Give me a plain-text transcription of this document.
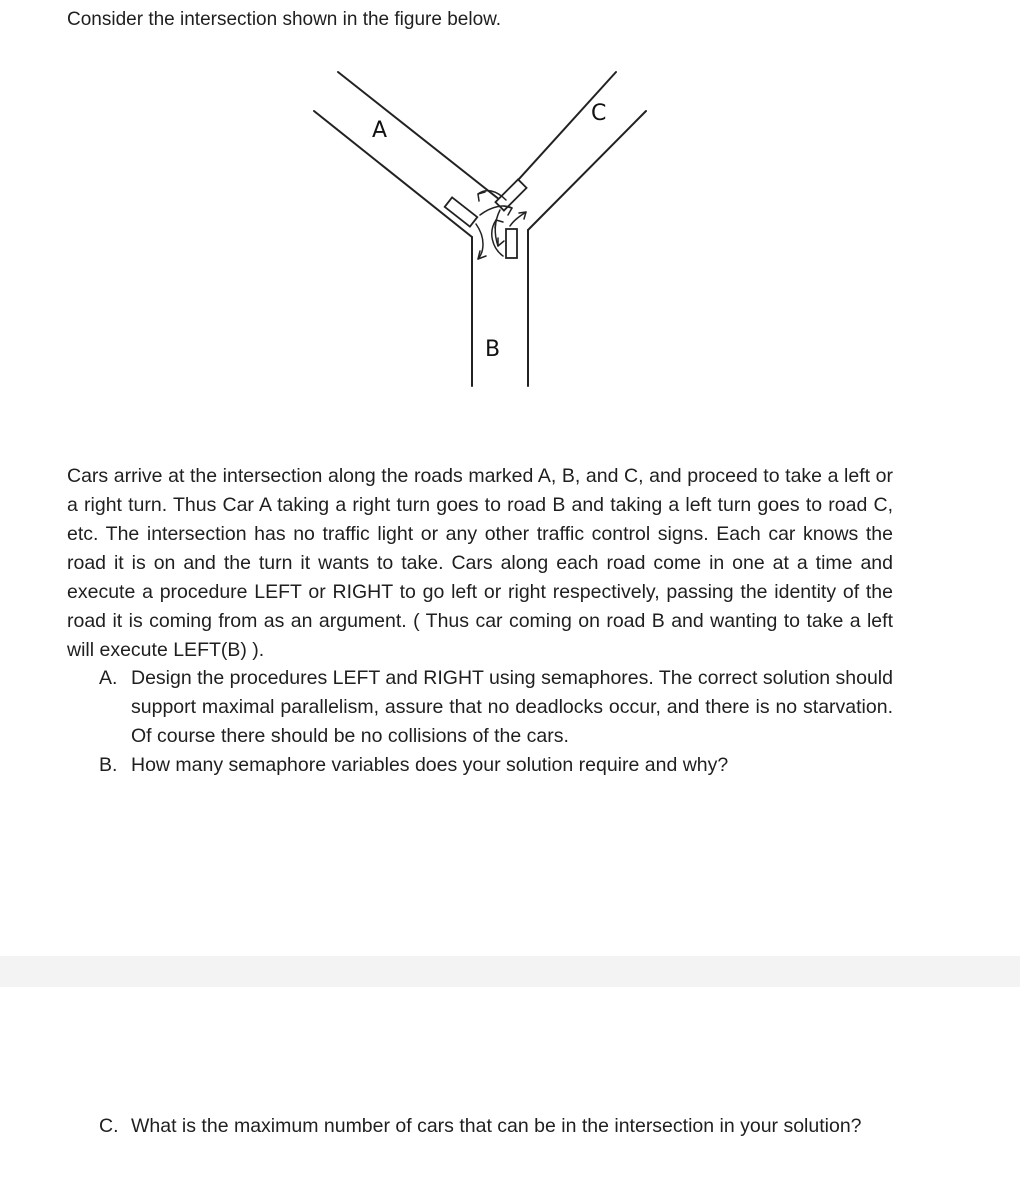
Consider the intersection shown in the figure below.

A
B
C

Cars arrive at the intersection along the roads marked A, B, and C, and proceed to take a left or a right turn. Thus Car A taking a right turn goes to road B and taking a left turn goes to road C, etc. The intersection has no traffic light or any other traffic control signs. Each car knows the road it is on and the turn it wants to take. Cars along each road come in one at a time and execute a procedure LEFT or RIGHT to go left or right respectively, passing the identity of the road it is coming from as an argument. ( Thus car coming on road B and wanting to take a left will execute LEFT(B) ).

A. Design the procedures LEFT and RIGHT using semaphores. The correct solution should support maximal parallelism, assure that no deadlocks occur, and there is no starvation. Of course there should be no collisions of the cars.
B. How many semaphore variables does your solution require and why?
C. What is the maximum number of cars that can be in the intersection in your solution?
